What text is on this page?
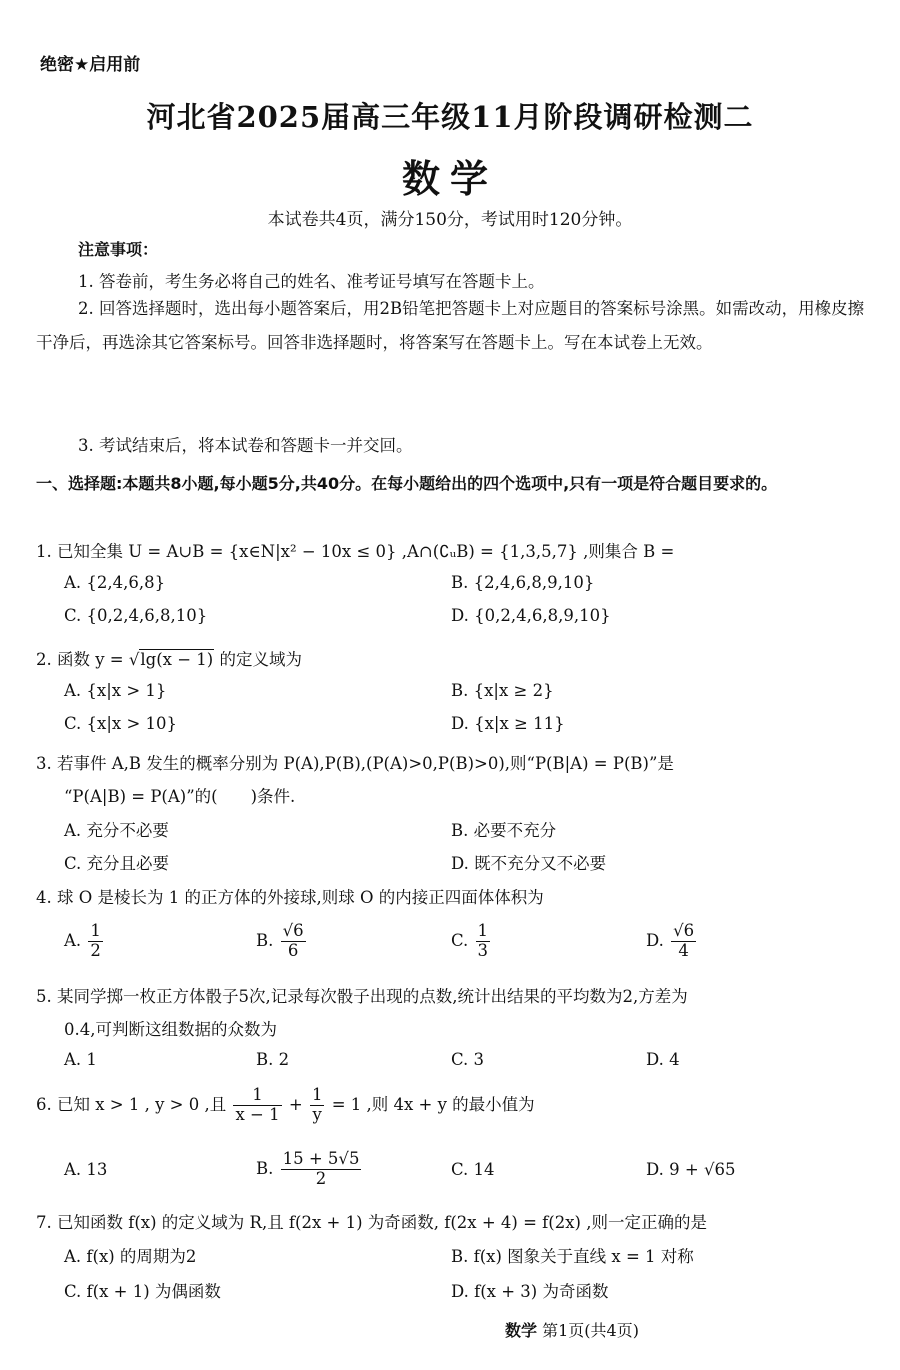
绝密★启用前
河北省2025届高三年级11月阶段调研检测二
数学
本试卷共4页，满分150分，考试用时120分钟。
注意事项：
1. 答卷前，考生务必将自己的姓名、准考证号填写在答题卡上。
2. 回答选择题时，选出每小题答案后，用2B铅笔把答题卡上对应题目的答案标号涂黑。如需改动，用橡皮擦干净后，再选涂其它答案标号。回答非选择题时，将答案写在答题卡上。写在本试卷上无效。
3. 考试结束后，将本试卷和答题卡一并交回。
一、选择题:本题共8小题,每小题5分,共40分。在每小题给出的四个选项中,只有一项是符合题目要求的。
1. 已知全集 U = A∪B = {x∈N|x² − 10x ≤ 0} ,A∩(∁ᵤB) = {1,3,5,7} ,则集合 B =
A. {2,4,6,8}	B. {2,4,6,8,9,10}
C. {0,2,4,6,8,10}	D. {0,2,4,6,8,9,10}
2. 函数 y = √lg(x − 1) 的定义域为
A. {x|x > 1}	B. {x|x ≥ 2}
C. {x|x > 10}	D. {x|x ≥ 11}
3. 若事件 A,B 发生的概率分别为 P(A),P(B),(P(A)>0,P(B)>0),则“P(B|A) = P(B)”是
“P(A|B) = P(A)”的(　　)条件.
A. 充分不必要	B. 必要不充分
C. 充分且必要	D. 既不充分又不必要
4. 球 O 是棱长为 1 的正方体的外接球,则球 O 的内接正四面体体积为
A. $\frac{1}{2}$	B. $\frac{√6}{6}$	C. $\frac{1}{3}$	D. $\frac{√6}{4}$
5. 某同学掷一枚正方体骰子5次,记录每次骰子出现的点数,统计出结果的平均数为2,方差为
0.4,可判断这组数据的众数为
A. 1	B. 2	C. 3	D. 4
6. 已知 x > 1 , y > 0 ,且 $\frac{1}{x - 1} + \frac{1}{y} = 1$ ,则 4x + y 的最小值为
A. 13	B. $\frac{15 + 5√5}{2}$	C. 14	D. 9 + √65
7. 已知函数 f(x) 的定义域为 R,且 f(2x + 1) 为奇函数, f(2x + 4) = f(2x) ,则一定正确的是
A. f(x) 的周期为2	B. f(x) 图象关于直线 x = 1 对称
C. f(x + 1) 为偶函数	D. f(x + 3) 为奇函数
数学 第1页(共4页)
